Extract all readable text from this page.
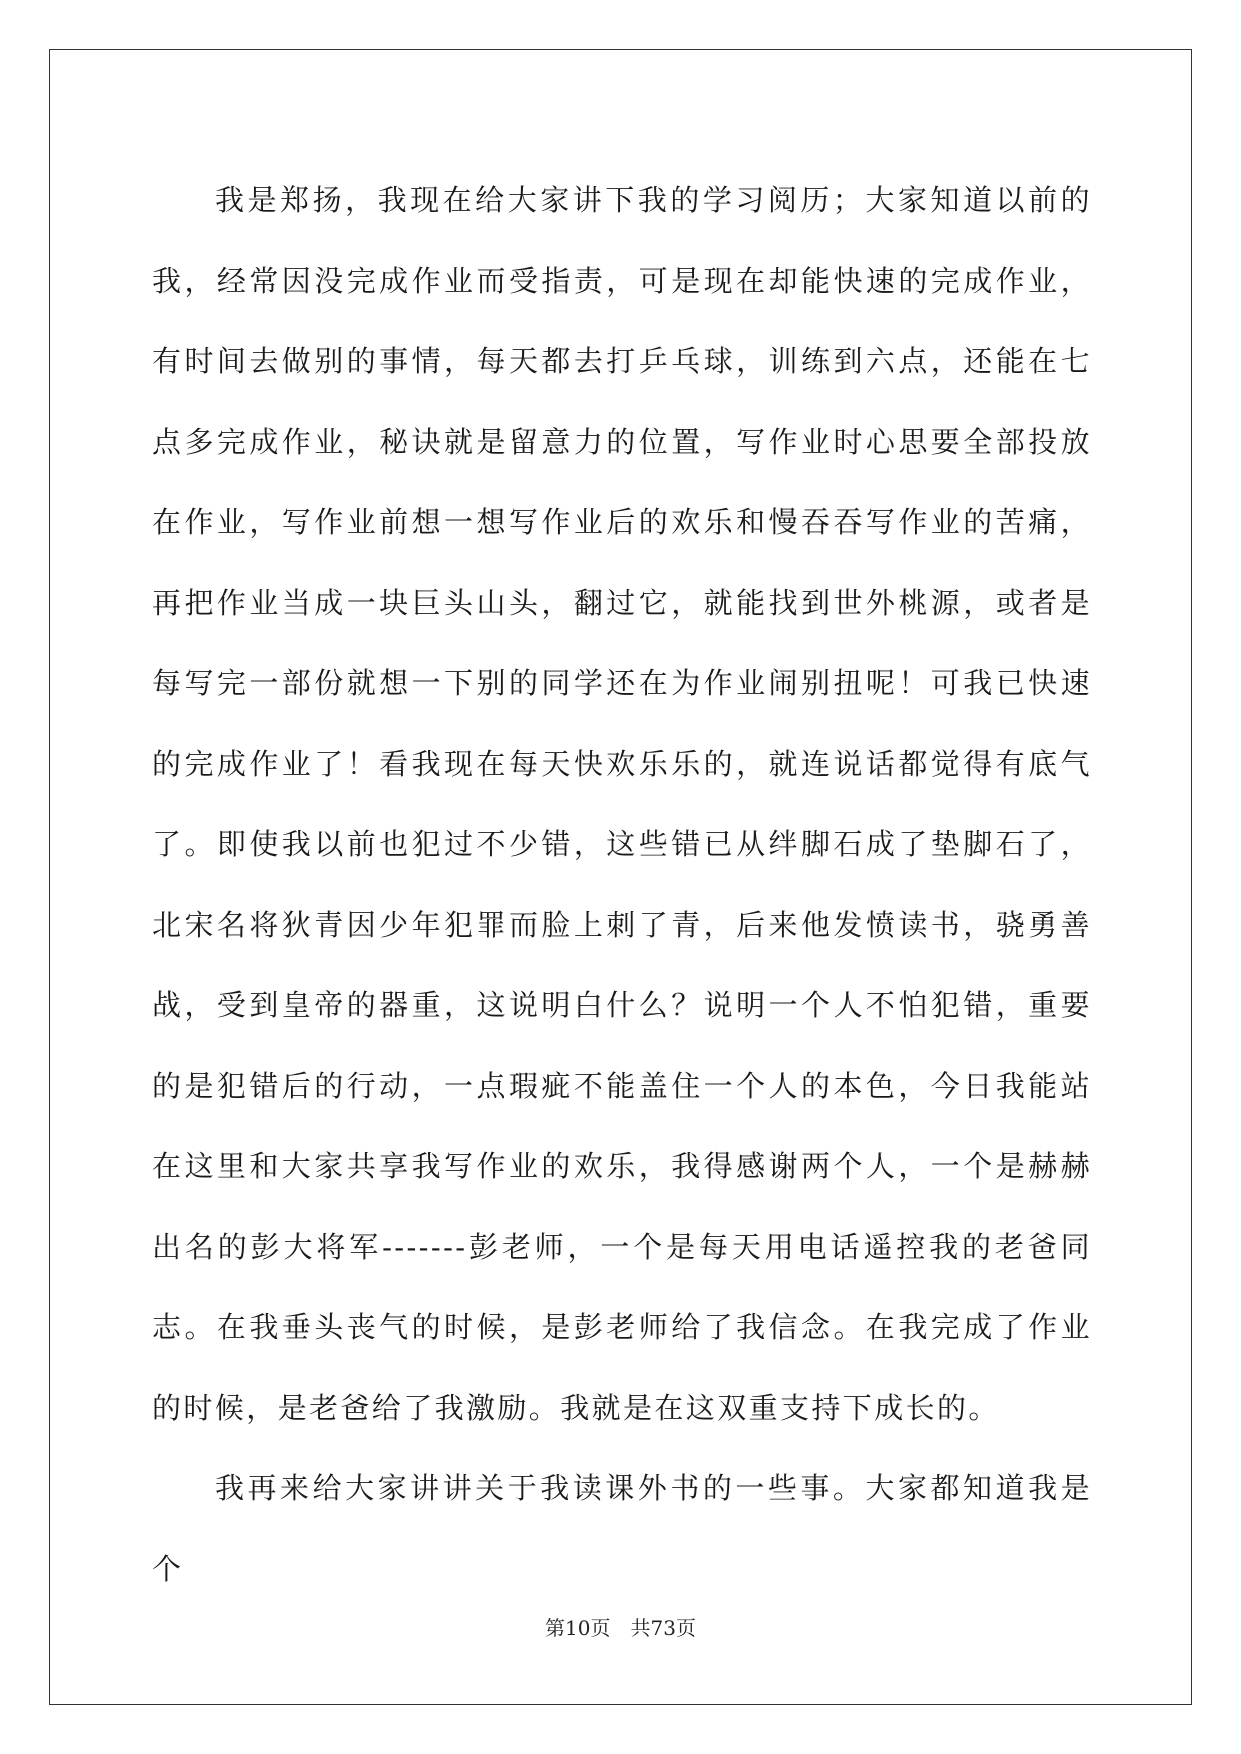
我是郑扬，我现在给大家讲下我的学习阅历；大家知道以前的我，经常因没完成作业而受指责，可是现在却能快速的完成作业，有时间去做别的事情，每天都去打乒乓球，训练到六点，还能在七点多完成作业，秘诀就是留意力的位置，写作业时心思要全部投放在作业，写作业前想一想写作业后的欢乐和慢吞吞写作业的苦痛，再把作业当成一块巨头山头，翻过它，就能找到世外桃源，或者是每写完一部份就想一下别的同学还在为作业闹别扭呢！可我已快速的完成作业了！看我现在每天快欢乐乐的，就连说话都觉得有底气了。即使我以前也犯过不少错，这些错已从绊脚石成了垫脚石了，北宋名将狄青因少年犯罪而脸上刺了青，后来他发愤读书，骁勇善战，受到皇帝的器重，这说明白什么？说明一个人不怕犯错，重要的是犯错后的行动，一点瑕疵不能盖住一个人的本色，今日我能站在这里和大家共享我写作业的欢乐，我得感谢两个人，一个是赫赫出名的彭大将军-------彭老师，一个是每天用电话遥控我的老爸同志。在我垂头丧气的时候，是彭老师给了我信念。在我完成了作业的时候，是老爸给了我激励。我就是在这双重支持下成长的。

我再来给大家讲讲关于我读课外书的一些事。大家都知道我是个

第10页　共73页
